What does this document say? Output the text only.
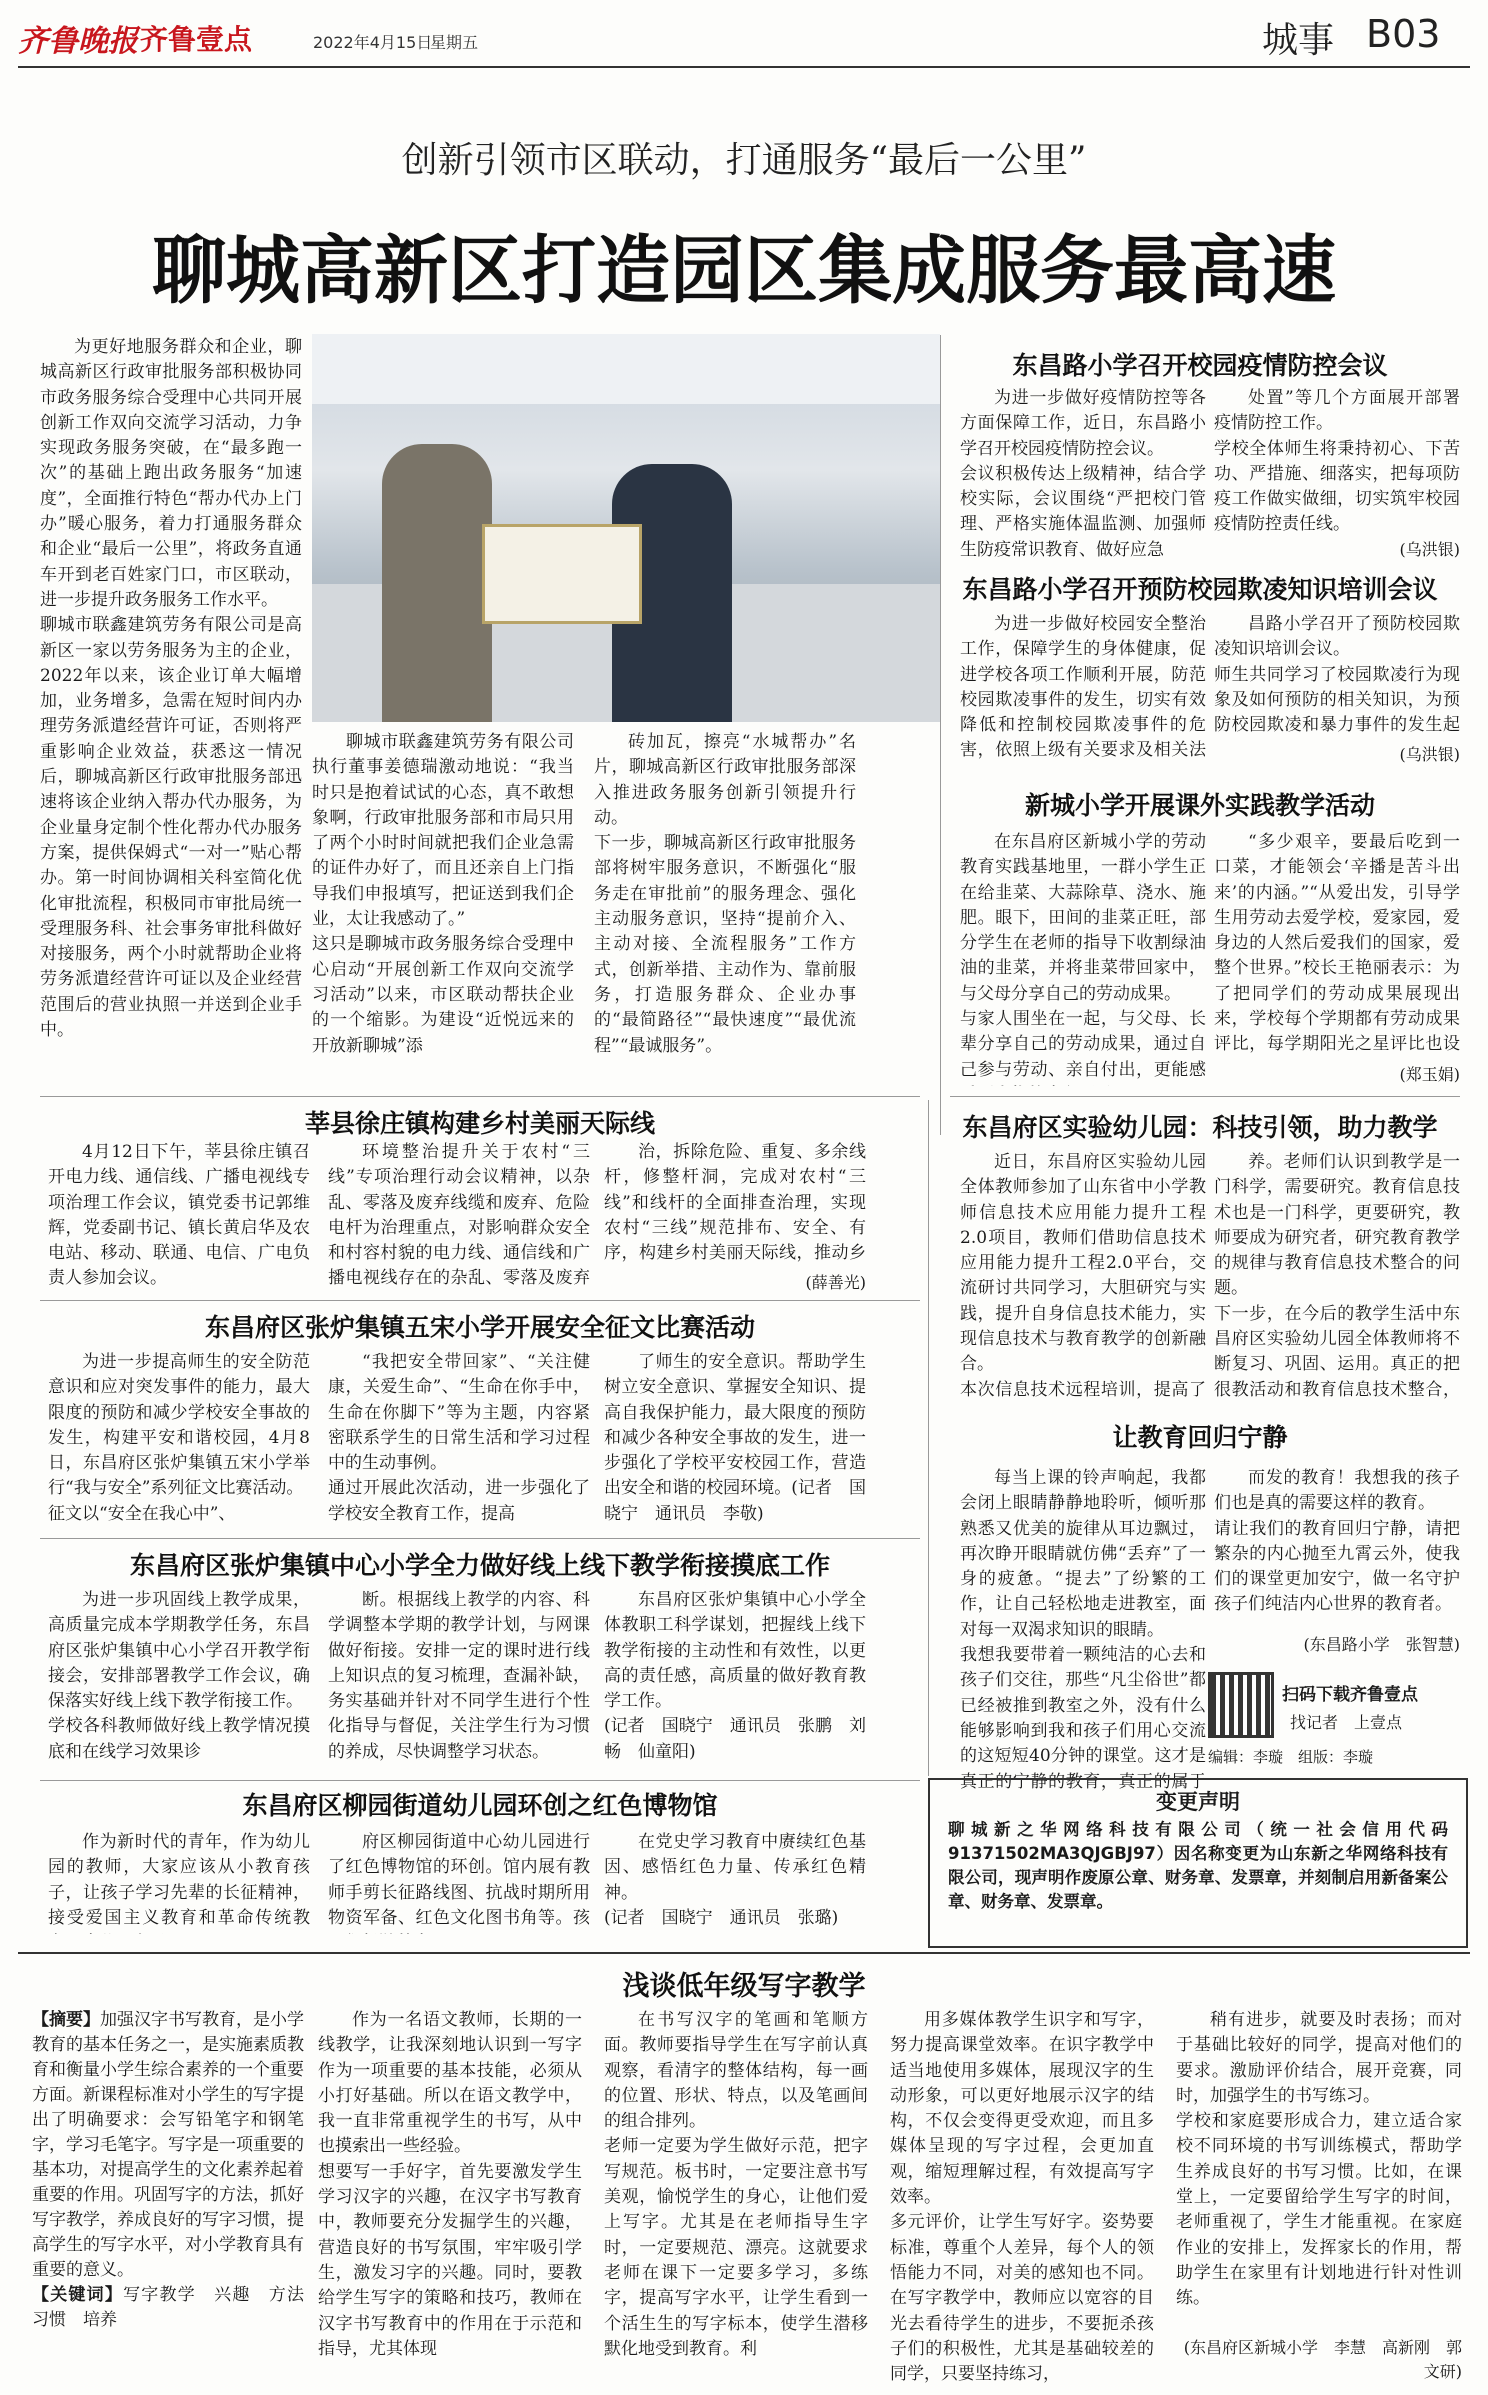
齐鲁晚报 齐鲁壹点	2022年4月15日
星期五	城事 B03
创新引领市区联动，打通服务“最后一公里”
聊城高新区打造园区集成服务最高速
为更好地服务群众和企业，聊城高新区行政审批服务部积极协同市政务服务综合受理中心共同开展创新工作双向交流学习活动，力争实现政务服务突破，在“最多跑一次”的基础上跑出政务服务“加速度”，全面推行特色“帮办代办上门办”暖心服务，着力打通服务群众和企业“最后一公里”，将政务直通车开到老百姓家门口，市区联动，进一步提升政务服务工作水平。
聊城市联鑫建筑劳务有限公司是高新区一家以劳务服务为主的企业，2022年以来，该企业订单大幅增加，业务增多，急需在短时间内办理劳务派遣经营许可证，否则将严重影响企业效益，获悉这一情况后，聊城高新区行政审批服务部迅速将该企业纳入帮办代办服务，为企业量身定制个性化帮办代办服务方案，提供保姆式“一对一”贴心帮办。第一时间协调相关科室简化优化审批流程，积极同市审批局统一受理服务科、社会事务审批科做好对接服务，两个小时就帮助企业将劳务派遣经营许可证以及企业经营范围后的营业执照一并送到企业手中。
聊城市联鑫建筑劳务有限公司执行董事姜德瑞激动地说：“我当时只是抱着试试的心态，真不敢想象啊，行政审批服务部和市局只用了两个小时时间就把我们企业急需的证件办好了，而且还亲自上门指导我们申报填写，把证送到我们企业，太让我感动了。”
这只是聊城市政务服务综合受理中心启动“开展创新工作双向交流学习活动”以来，市区联动帮扶企业的一个缩影。为建设“近悦远来的开放新聊城”添
砖加瓦，擦亮“水城帮办”名片，聊城高新区行政审批服务部深入推进政务服务创新引领提升行动。
下一步，聊城高新区行政审批服务部将树牢服务意识，不断强化“服务走在审批前”的服务理念、强化主动服务意识，坚持“提前介入、主动对接、全流程服务”工作方式，创新举措、主动作为、靠前服务，打造服务群众、企业办事的“最简路径”“最快速度”“最优流程”“最诚服务”。
东昌路小学召开校园疫情防控会议
为进一步做好疫情防控等各方面保障工作，近日，东昌路小学召开校园疫情防控会议。
会议积极传达上级精神，结合学校实际，会议围绕“严把校门管理、严格实施体温监测、加强师生防疫常识教育、做好应急
处置”等几个方面展开部署疫情防控工作。
学校全体师生将秉持初心、下苦功、严措施、细落实，把每项防疫工作做实做细，切实筑牢校园疫情防控责任线。
(乌洪银)
东昌路小学召开预防校园欺凌知识培训会议
为进一步做好校园安全整治工作，保障学生的身体健康，促进学校各项工作顺利开展，防范校园欺凌事件的发生，切实有效降低和控制校园欺凌事件的危害，依照上级有关要求及相关法
昌路小学召开了预防校园欺凌知识培训会议。
师生共同学习了校园欺凌行为现象及如何预防的相关知识，为预防校园欺凌和暴力事件的发生起
(乌洪银)
新城小学开展课外实践教学活动
在东昌府区新城小学的劳动教育实践基地里，一群小学生正在给韭菜、大蒜除草、浇水、施肥。眼下，田间的韭菜正旺，部分学生在老师的指导下收割绿油油的韭菜，并将韭菜带回家中，与父母分享自己的劳动成果。
与家人围坐在一起，与父母、长辈分享自己的劳动成果，通过自己参与劳动、亲自付出，更能感
“多少艰辛，要最后吃到一口菜，才能领会‘辛播是苦斗出来’的内涵。”“从爱出发，引导学生用劳动去爱学校，爱家园，爱身边的人然后爱我们的国家，爱整个世界。”校长王艳丽表示：为了把同学们的劳动成果展现出来，学校每个学期都有劳动成果评比，每学期阳光之星评比也设
(郑玉娟)
东昌府区实验幼儿园：科技引领，助力教学
近日，东昌府区实验幼儿园全体教师参加了山东省中小学教师信息技术应用能力提升工程2.0项目，教师们借助信息技术应用能力提升工程2.0平台，交流研讨共同学习，大胆研究与实践，提升自身信息技术能力，实现信息技术与教育教学的创新融合。
本次信息技术远程培训，提高了
养。老师们认识到教学是一门科学，需要研究。教育信息技术也是一门科学，更要研究，教师要成为研究者，研究教育教学的规律与教育信息技术整合的问题。
下一步，在今后的教学生活中东昌府区实验幼儿园全体教师将不断复习、巩固、运用。真正的把很教活动和教育信息技术整合，　　　
让教育回归宁静
每当上课的铃声响起，我都会闭上眼睛静静地聆听，倾听那熟悉又优美的旋律从耳边飘过，再次睁开眼睛就仿佛“丢弃”了一身的疲惫。“提去”了纷繁的工作，让自己轻松地走进教室，面对每一双渴求知识的眼睛。
我想我要带着一颗纯洁的心去和孩子们交往，那些“凡尘俗世”都已经被推到教室之外，没有什么能够影响到我和孩子们用心交流的这短短40分钟的课堂。这才是真正的宁静的教育，真正的属于
而发的教育！我想我的孩子们也是真的需要这样的教育。
请让我们的教育回归宁静，请把繁杂的内心抛至九霄云外，使我们的课堂更加安宁，做一名守护孩子们纯洁内心世界的教育者。
(东昌路小学　张智慧)
扫码下载齐鲁壹点
找记者　上壹点
编辑：李璇　组版：李璇
变更声明
聊城新之华网络科技有限公司（统一社会信用代码91371502MA3QJGBJ97）因名称变更为山东新之华网络科技有限公司，现声明作废原公章、财务章、发票章，并刻制启用新备案公章、财务章、发票章。
莘县徐庄镇构建乡村美丽天际线
4月12日下午，莘县徐庄镇召开电力线、通信线、广播电视线专项治理工作会议，镇党委书记郭维辉，党委副书记、镇长黄启华及农电站、移动、联通、电信、广电负责人参加会议。

环境整治提升关于农村“三线”专项治理行动会议精神，以杂乱、零落及废弃线缆和废弃、危险电杆为治理重点，对影响群众安全和村容村貌的电力线、通信线和广播电视线存在的杂乱、零落及废弃
治，拆除危险、重复、多余线杆，修整杆洞，完成对农村“三线”和线杆的全面排查治理，实现农村“三线”规范排布、安全、有序，构建乡村美丽天际线，推动乡
(薛善光)
东昌府区张炉集镇五宋小学开展安全征文比赛活动
为进一步提高师生的安全防范意识和应对突发事件的能力，最大限度的预防和减少学校安全事故的发生，构建平安和谐校园，4月8日，东昌府区张炉集镇五宋小学举行“我与安全”系列征文比赛活动。
征文以“安全在我心中”、
“我把安全带回家”、“关注健康，关爱生命”、“生命在你手中，生命在你脚下”等为主题，内容紧密联系学生的日常生活和学习过程中的生动事例。
通过开展此次活动，进一步强化了学校安全教育工作，提高
了师生的安全意识。帮助学生树立安全意识、掌握安全知识、提高自我保护能力，最大限度的预防和减少各种安全事故的发生，进一步强化了学校平安校园工作，营造出安全和谐的校园环境。(记者　国晓宁　通讯员　李敬)
东昌府区张炉集镇中心小学全力做好线上线下教学衔接摸底工作
为进一步巩固线上教学成果，高质量完成本学期教学任务，东昌府区张炉集镇中心小学召开教学衔接会，安排部署教学工作会议，确保落实好线上线下教学衔接工作。
学校各科教师做好线上教学情况摸底和在线学习效果诊
断。根据线上教学的内容、科学调整本学期的教学计划，与网课做好衔接。安排一定的课时进行线上知识点的复习梳理，查漏补缺，务实基础并针对不同学生进行个性化指导与督促，关注学生行为习惯的养成，尽快调整学习状态。
东昌府区张炉集镇中心小学全体教职工科学谋划，把握线上线下教学衔接的主动性和有效性，以更高的责任感，高质量的做好教育教学工作。
(记者　国晓宁　通讯员　张鹏　刘畅　仙童阳)
东昌府区柳园街道幼儿园环创之红色博物馆
作为新时代的青年，作为幼儿园的教师，大家应该从小教育孩子，让孩子学习先辈的长征精神，接受爱国主义教育和革命传统教
府区柳园街道中心幼儿园进行了红色博物馆的环创。馆内展有教师手剪长征路线图、抗战时期所用物资军备、红色文化图书角等。孩
在党史学习教育中赓续红色基因、感悟红色力量、传承红色精神。
(记者　国晓宁　通讯员　张璐)
浅谈低年级写字教学
【摘要】加强汉字书写教育，是小学教育的基本任务之一，是实施素质教育和衡量小学生综合素养的一个重要方面。新课程标准对小学生的写字提出了明确要求：会写铅笔字和钢笔字，学习毛笔字。写字是一项重要的基本功，对提高学生的文化素养起着重要的作用。巩固写字的方法，抓好写字教学，养成良好的写字习惯，提高学生的写字水平，对小学教育具有重要的意义。
【关键词】写字教学　兴趣　方法　习惯　培养
作为一名语文教师，长期的一线教学，让我深刻地认识到一写字作为一项重要的基本技能，必须从小打好基础。所以在语文教学中，我一直非常重视学生的书写，从中也摸索出一些经验。
想要写一手好字，首先要激发学生学习汉字的兴趣，在汉字书写教育中，教师要充分发掘学生的兴趣，营造良好的书写氛围，牢牢吸引学生，激发习字的兴趣。同时，要教给学生写字的策略和技巧，教师在汉字书写教育中的作用在于示范和指导，尤其体现
在书写汉字的笔画和笔顺方面。教师要指导学生在写字前认真观察，看清字的整体结构，每一画的位置、形状、特点，以及笔画间的组合排列。
老师一定要为学生做好示范，把字写规范。板书时，一定要注意书写美观，愉悦学生的身心，让他们爱上写字。尤其是在老师指导生字时，一定要规范、漂亮。这就要求老师在课下一定要多学习，多练字，提高写字水平，让学生看到一个活生生的写字标本，使学生潜移默化地受到教育。利
用多媒体教学生识字和写字，努力提高课堂效率。在识字教学中适当地使用多媒体，展现汉字的生动形象，可以更好地展示汉字的结构，不仅会变得更受欢迎，而且多媒体呈现的写字过程，会更加直观，缩短理解过程，有效提高写字效率。
多元评价，让学生写好字。姿势要标准，尊重个人差异，每个人的领悟能力不同，对美的感知也不同。在写字教学中，教师应以宽容的目光去看待学生的进步，不要扼杀孩子们的积极性，尤其是基础较差的同学，只要坚持练习，
稍有进步，就要及时表扬；而对于基础比较好的同学，提高对他们的要求。激励评价结合，展开竞赛，同时，加强学生的书写练习。
学校和家庭要形成合力，建立适合家校不同环境的书写训练模式，帮助学生养成良好的书写习惯。比如，在课堂上，一定要留给学生写字的时间，老师重视了，学生才能重视。在家庭作业的安排上，发挥家长的作用，帮助学生在家里有计划地进行针对性训练。
(东昌府区新城小学　李慧　高新刚　郭文研)
